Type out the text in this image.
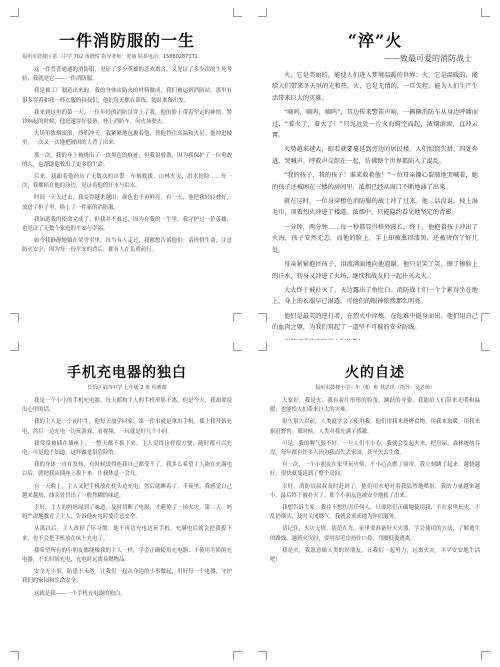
一件消防服的一生
福州市鼓楼区第二中学 702 黄晓悦 指导老师：张丽 联系电话：15860287171

这一件普普通通的消防服，见证了多少英雄的悲欢离合，又见证了多少次的生死考验，我就是它——一件消防服。

我是被工厂制造出来的，我的身体由防火的材料做成，我们被运到消防站，那里有很多穿着和我一样衣服的叔叔们，他们每天都在训练，随时准备出发。

我来到这里的第一天，一位年轻的消防员穿上了我，他的脸上带着坚定的神情。警铃响起的时候，他迅速穿好装备，登上消防车，向火场驶去。

火场里浓烟滚滚，烈焰冲天。我紧紧地包裹着他，替他挡住高温和火星。他冲进楼里，一次又一次地把被困的人背了出来。

那一次，我的身上被烧出了一块黑色的痕迹，但我很骄傲，因为我保护了一位勇敢的人，也帮助他救出了更多的生命。

后来，我跟着他经历了无数次的出警：车祸救援、山林火灾、洪水抢险……每一次，我都陪在他的身边，见证着他的汗水与泪水。

时间一天天过去，我变得越来越旧，颜色也不再鲜亮。有一天，他把我轻轻叠好，放进了柜子里，换上了一件新的消防服。

我知道我的使命完成了。但我并不难过，因为在我的一生里，我守护过一位英雄，也见证了无数个家庭的平安与幸福。

如今我静静地躺在荣誉室里，每当有人走过，我都想告诉他们：请珍惜生命，注意防火安全，因为每一份平安的背后，都有人在负重前行。

“淬”火
——致最可爱的消防战士

火，它是美丽的，能使人们进入梦境温暖的世界；火，它是温暖的，能给人们带来冬天里的光和热。火，它是无情的，一旦失控，能为人们生产生活带来巨大的灾难。

“嘀呜，嘀呜，嘀呜”，耳边传来警笛声响，一辆辆消防车从身边呼啸而过，“着火了，着火了！”只见远处一片火海腾空而起，浓烟滚滚，直冲云霄。

火势越来越大，眼看就要蔓延到旁边的居民楼。人们惊慌失措，四处奔逃，哭喊声、呼救声交织在一起，仿佛整个世界都陷入了混乱。

“我的孩子，我的孩子！谁来救救他！”一位母亲撕心裂肺地哭喊着，她的孩子还被困在三楼的房间里，浓烟已经从窗口不断地涌了出来。

就在这时，一位身穿橙色消防服的战士冲了过来。他二话没说，披上湿毛巾，顶着烈火冲进了楼道。浓烟中，只能隐约看见他坚定的背影。

一分钟，两分钟……每一秒都显得格外漫长。终于，他抱着孩子冲出了火海，孩子安然无恙，而他的脸上、手上却被熏得漆黑，还被烫伤了好几处。

母亲紧紧抱住孩子，泪流满面地向他道谢。他只是笑了笑，擦了擦脸上的汗水，转身又冲进了火场，继续和战友们一起扑灭大火。

大火终于被扑灭了，天边露出了鱼肚白。消防战士们一个个累得坐在地上，身上的衣服早已湿透，可他们的眼神依然那么明亮。

他们是最美的逆行者，在烈火中淬炼，在危难中挺身而出。他们用自己的血肉之躯，为我们筑起了一道坚不可摧的安全防线。

手机充电器的独白
长乐区第四中学 七年级 2 班 程雅晴

我是一个小小的手机充电器，每天都和主人的手机形影不离，但是今天，我却要说出心里的话。

我的主人是一个初中生，他每天放学回家，第一件事就是拿出手机，插上我开始充电，然后一边充电一边玩游戏、看视频，一玩就是好几个小时。

我常常被插在插座上，一整天都不拔下来。主人觉得这样很方便，随时都可以充电，可是他不知道，这样做是很危险的。

我的身体一直在发热，有时候烫得连我自己都受不了。我多么希望主人能在充满电以后，就把我从插座上拔下来，让我休息一会儿。

有一天晚上，主人又把手机放在枕头边充电，然后就睡着了。半夜里，我感觉自己越来越热，线头处冒出了一股焦糊的味道。

幸好，主人的妈妈闻到了味道，及时切断了电源，才避免了一场火灾。第二天，妈妈严肃地教育了主人，告诉他充电时要注意安全。

从那以后，主人改掉了坏习惯。他不再边充电边玩手机，充满电后就会把我拔下来，也不会把手机放在床上充电了。

我希望所有的小朋友都能像我的主人一样，学会正确使用充电器：不使用劣质的充电器，不长时间充电，充电时远离易燃物品。

安全无小事，防患于未然。让我们一起从身边的小事做起，用好每一个电器，守护我们的家园和生命安全。

这就是我——一个手机充电器的独白。

火的自述
福州市鼓楼小学三年（6）班 林思琪（指导：吴老师）

大家好，我是火。我有着红彤彤的脸蛋，跳跃的身姿。我能给人们带来光明和温暖，也能给人们带来巨大的灾难。

很久很久以前，人类就学会了使用我。他们用我来烧烤食物，用我来取暖，用我来驱赶野兽。那时候，人类对我充满了感激。

可是，我的脾气很不好。一旦人们不小心，我就会发起火来，把房屋、森林统统吞没。每年都有许多人因为我而失去家园，甚至失去生命。

有一次，一个小朋友在家里玩火柴，不小心点燃了窗帘。我立刻跳了起来，越烧越旺，很快就蔓延到了整个房间。

幸好，消防员叔叔及时赶到了。他们用水枪对着我猛烈地喷射，我的力量越来越小，最后终于被扑灭了。那个小朋友也被安全地救了出来。

我想告诉大家：我并不想伤害任何人。只要你们正确地使用我，不在家里玩火，不乱扔烟头，及时关闭燃气，我就会乖乖地为你们服务。

请记住，火灾无情，防范在先。家里要准备好灭火器，学会使用的方法，了解逃生的路线。遇到火灾时，要用湿毛巾捂住口鼻，弯腰低姿逃离。

我是火，我愿意做人类的好朋友。让我们一起努力，远离火灾，平平安安地生活吧！
